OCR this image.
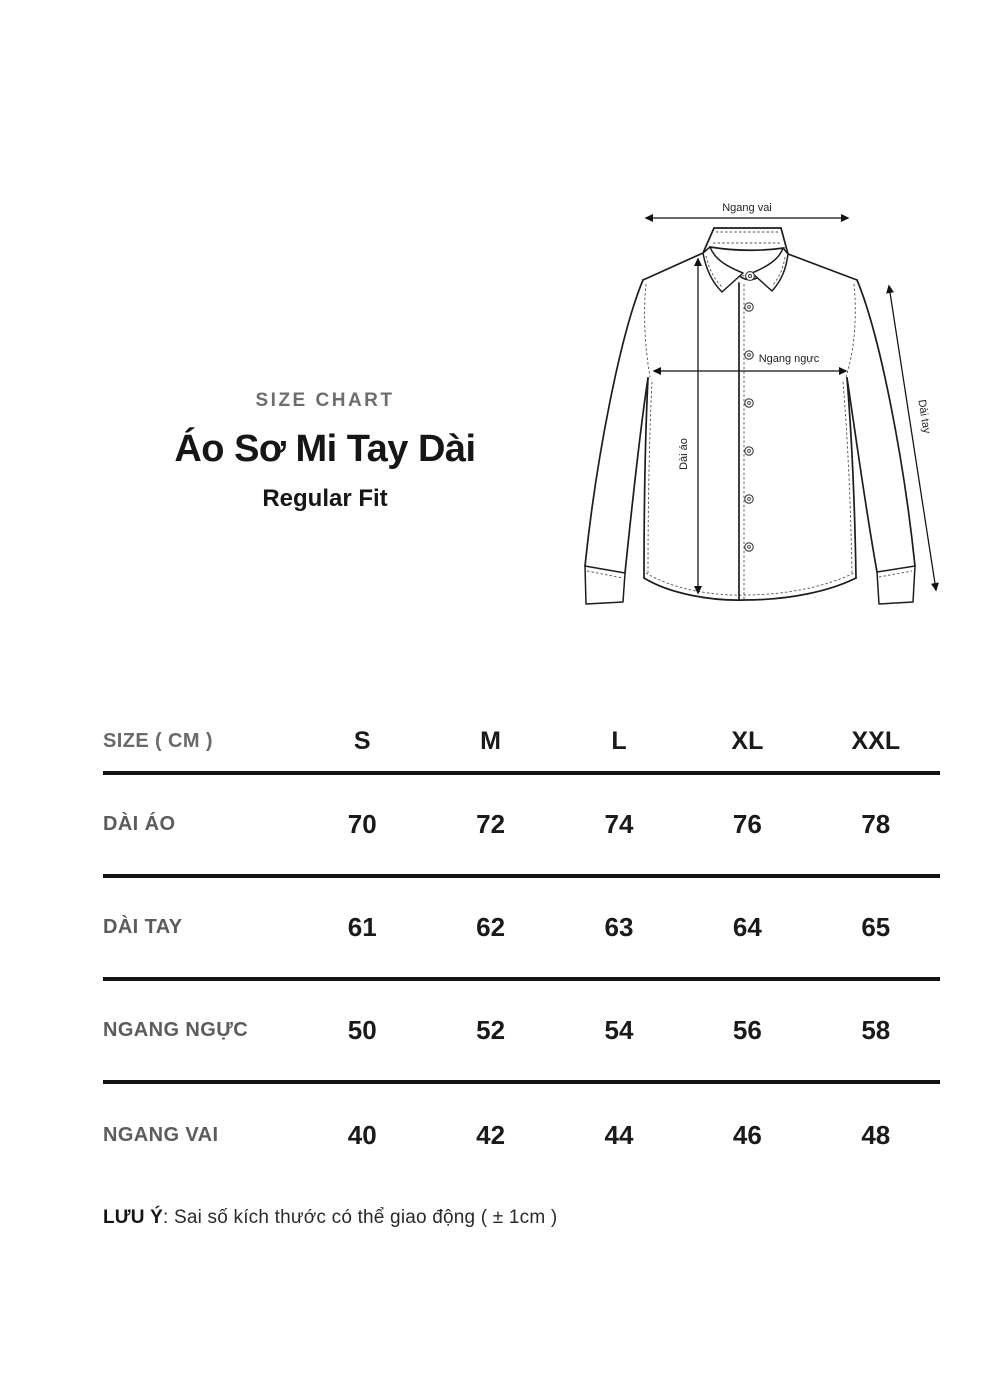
SIZE CHART
Áo Sơ Mi Tay Dài
Regular Fit
Ngang vai
Ngang ngực
Dài áo
Dài tay
SIZE ( CM )	S	M	L	XL	XXL
DÀI ÁO	70	72	74	76	78
DÀI TAY	61	62	63	64	65
NGANG NGỰC	50	52	54	56	58
NGANG VAI	40	42	44	46	48
LƯU Ý: Sai số kích thước có thể giao động ( ± 1cm )
